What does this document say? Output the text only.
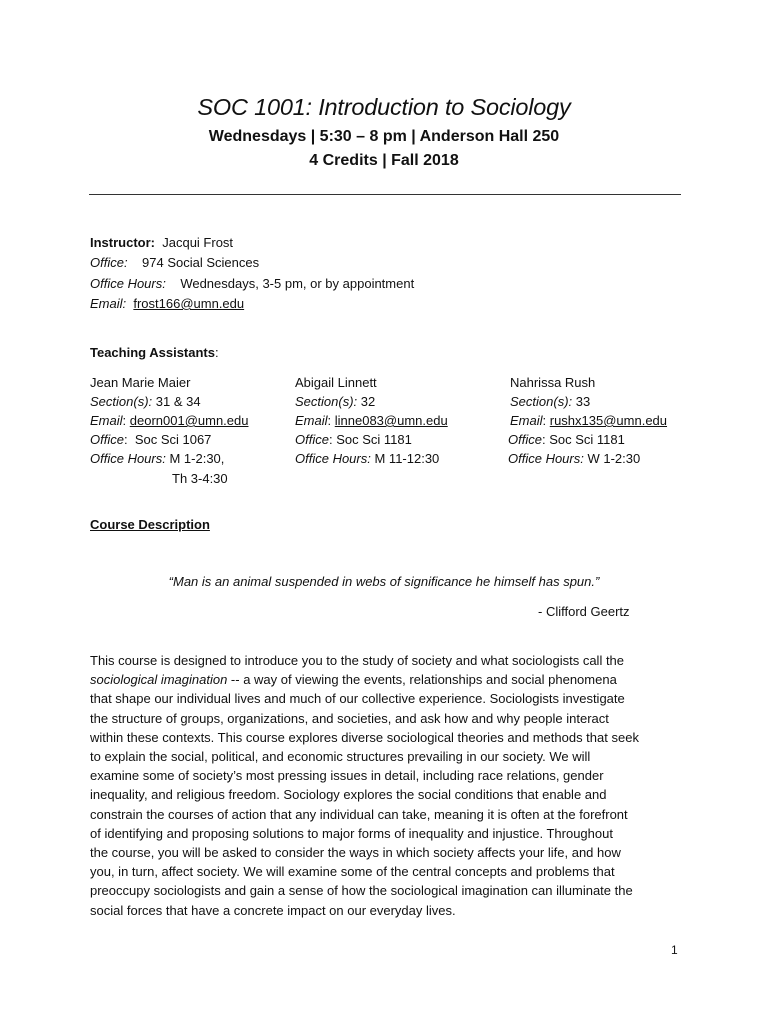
SOC 1001: Introduction to Sociology
Wednesdays | 5:30 – 8 pm | Anderson Hall 250
4 Credits | Fall 2018
Instructor: Jacqui Frost
Office: 974 Social Sciences
Office Hours: Wednesdays, 3-5 pm, or by appointment
Email: frost166@umn.edu
Teaching Assistants:
Jean Marie Maier
Section(s): 31 & 34
Email: deorn001@umn.edu
Office:  Soc Sci 1067
Office Hours: M 1-2:30,
Th 3-4:30
Abigail Linnett
Section(s): 32
Email: linne083@umn.edu
Office: Soc Sci 1181
Office Hours: M 11-12:30
Nahrissa Rush
Section(s): 33
Email: rushx135@umn.edu
Office: Soc Sci 1181
Office Hours: W 1-2:30
Course Description
“Man is an animal suspended in webs of significance he himself has spun.”
- Clifford Geertz
This course is designed to introduce you to the study of society and what sociologists call the
sociological imagination -- a way of viewing the events, relationships and social phenomena
that shape our individual lives and much of our collective experience. Sociologists investigate
the structure of groups, organizations, and societies, and ask how and why people interact
within these contexts. This course explores diverse sociological theories and methods that seek
to explain the social, political, and economic structures prevailing in our society. We will
examine some of society’s most pressing issues in detail, including race relations, gender
inequality, and religious freedom. Sociology explores the social conditions that enable and
constrain the courses of action that any individual can take, meaning it is often at the forefront
of identifying and proposing solutions to major forms of inequality and injustice. Throughout
the course, you will be asked to consider the ways in which society affects your life, and how
you, in turn, affect society. We will examine some of the central concepts and problems that
preoccupy sociologists and gain a sense of how the sociological imagination can illuminate the
social forces that have a concrete impact on our everyday lives.
1
